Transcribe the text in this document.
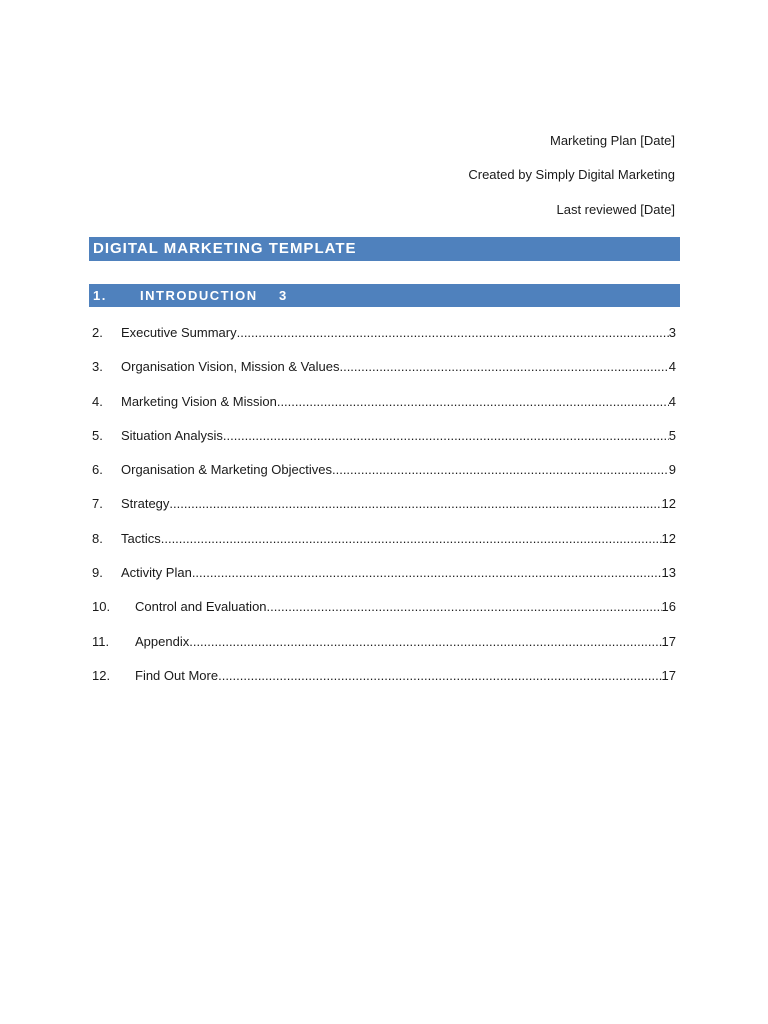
Marketing Plan [Date]
Created by Simply Digital Marketing
Last reviewed [Date]
DIGITAL MARKETING TEMPLATE
1.	INTRODUCTION 3
2. Executive Summary .....	3
3. Organisation Vision, Mission & Values .....	4
4. Marketing Vision & Mission .....	4
5. Situation Analysis .....	5
6. Organisation & Marketing Objectives .....	9
7. Strategy .....	12
8. Tactics .....	12
9. Activity Plan .....	13
10. Control and Evaluation .....	16
11. Appendix .....	17
12. Find Out More .....	17
